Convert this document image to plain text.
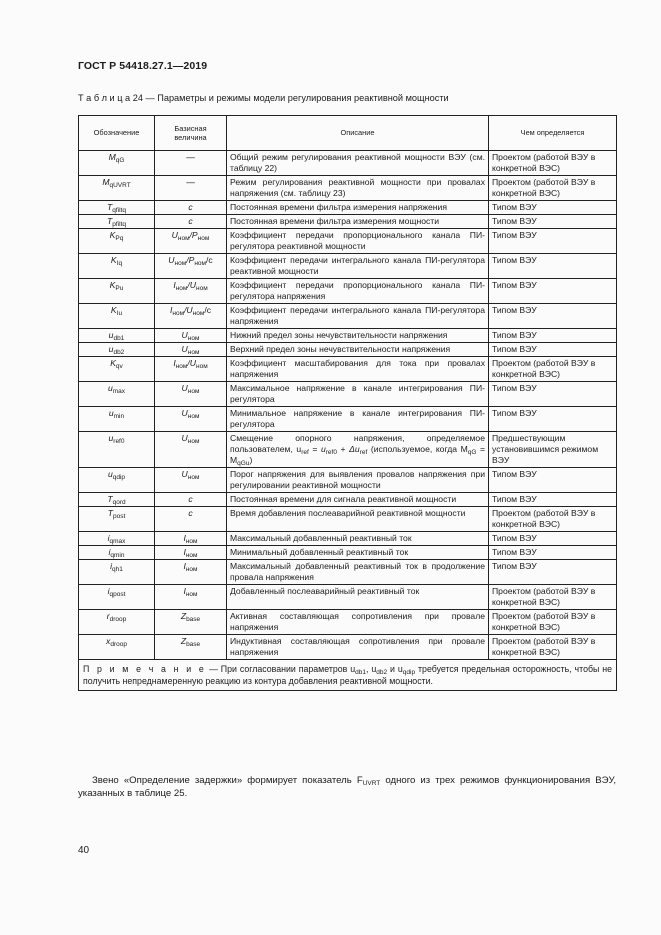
ГОСТ Р 54418.27.1—2019
Т а б л и ц а 24 — Параметры и режимы модели регулирования реактивной мощности
Обозначение	Базисная величина	Описание	Чем определяется
$M_{qG}$	—	Общий режим регулирования реактивной мощности ВЭУ (см. таблицу 22)	Проектом (работой ВЭУ в конкретной ВЭС)
$M_{qUVRT}$	—	Режим регулирования реактивной мощности при провалах напряжения (см. таблицу 23)	Проектом (работой ВЭУ в конкретной ВЭС)
$T_{qfiltq}$	c	Постоянная времени фильтра измерения напряжения	Типом ВЭУ
$T_{pfiltq}$	c	Постоянная времени фильтра измерения мощности	Типом ВЭУ
$K_{Pq}$	$U_{ном}/P_{ном}$	Коэффициент передачи пропорционального канала ПИ-регулятора реактивной мощности	Типом ВЭУ
$K_{Iq}$	$U_{ном}/P_{ном}/c$	Коэффициент передачи интегрального канала ПИ-регулятора реактивной мощности	Типом ВЭУ
$K_{Pu}$	$I_{ном}/U_{ном}$	Коэффициент передачи пропорционального канала ПИ-регулятора напряжения	Типом ВЭУ
$K_{Iu}$	$I_{ном}/U_{ном}/c$	Коэффициент передачи интегрального канала ПИ-регулятора напряжения	Типом ВЭУ
$u_{db1}$	$U_{ном}$	Нижний предел зоны нечувствительности напряжения	Типом ВЭУ
$u_{db2}$	$U_{ном}$	Верхний предел зоны нечувствительности напряжения	Типом ВЭУ
$K_{qv}$	$I_{ном}/U_{ном}$	Коэффициент масштабирования для тока при провалах напряжения	Проектом (работой ВЭУ в конкретной ВЭС)
$u_{max}$	$U_{ном}$	Максимальное напряжение в канале интегрирования ПИ-регулятора	Типом ВЭУ
$u_{min}$	$U_{ном}$	Минимальное напряжение в канале интегрирования ПИ-регулятора	Типом ВЭУ
$u_{ref0}$	$U_{ном}$	Смещение опорного напряжения, определяемое пользователем, $u_{ref} = u_{ref0} + \Delta u_{ref}$ (используемое, когда $M_{qG} = M_{qGu}$)	Предшествующим установившимся режимом ВЭУ
$u_{qdip}$	$U_{ном}$	Порог напряжения для выявления провалов напряжения при регулировании реактивной мощности	Типом ВЭУ
$T_{qord}$	c	Постоянная времени для сигнала реактивной мощности	Типом ВЭУ
$T_{post}$	c	Время добавления послеаварийной реактивной мощности	Проектом (работой ВЭУ в конкретной ВЭС)
$i_{qmax}$	$I_{ном}$	Максимальный добавленный реактивный ток	Типом ВЭУ
$i_{qmin}$	$I_{ном}$	Минимальный добавленный реактивный ток	Типом ВЭУ
$i_{qh1}$	$I_{ном}$	Максимальный добавленный реактивный ток в продолжение провала напряжения	Типом ВЭУ
$i_{qpost}$	$I_{ном}$	Добавленный послеаварийный реактивный ток	Проектом (работой ВЭУ в конкретной ВЭС)
$r_{droop}$	$Z_{base}$	Активная составляющая сопротивления при провале напряжения	Проектом (работой ВЭУ в конкретной ВЭС)
$x_{droop}$	$Z_{base}$	Индуктивная составляющая сопротивления при провале напряжения	Проектом (работой ВЭУ в конкретной ВЭС)
П р и м е ч а н и е — При согласовании параметров $u_{db1}$, $u_{db2}$ и $u_{qdip}$ требуется предельная осторожность, чтобы не получить непреднамеренную реакцию из контура добавления реактивной мощности.			
Звено «Определение задержки» формирует показатель $F_{UVRT}$ одного из трех режимов функционирования ВЭУ, указанных в таблице 25.
40
